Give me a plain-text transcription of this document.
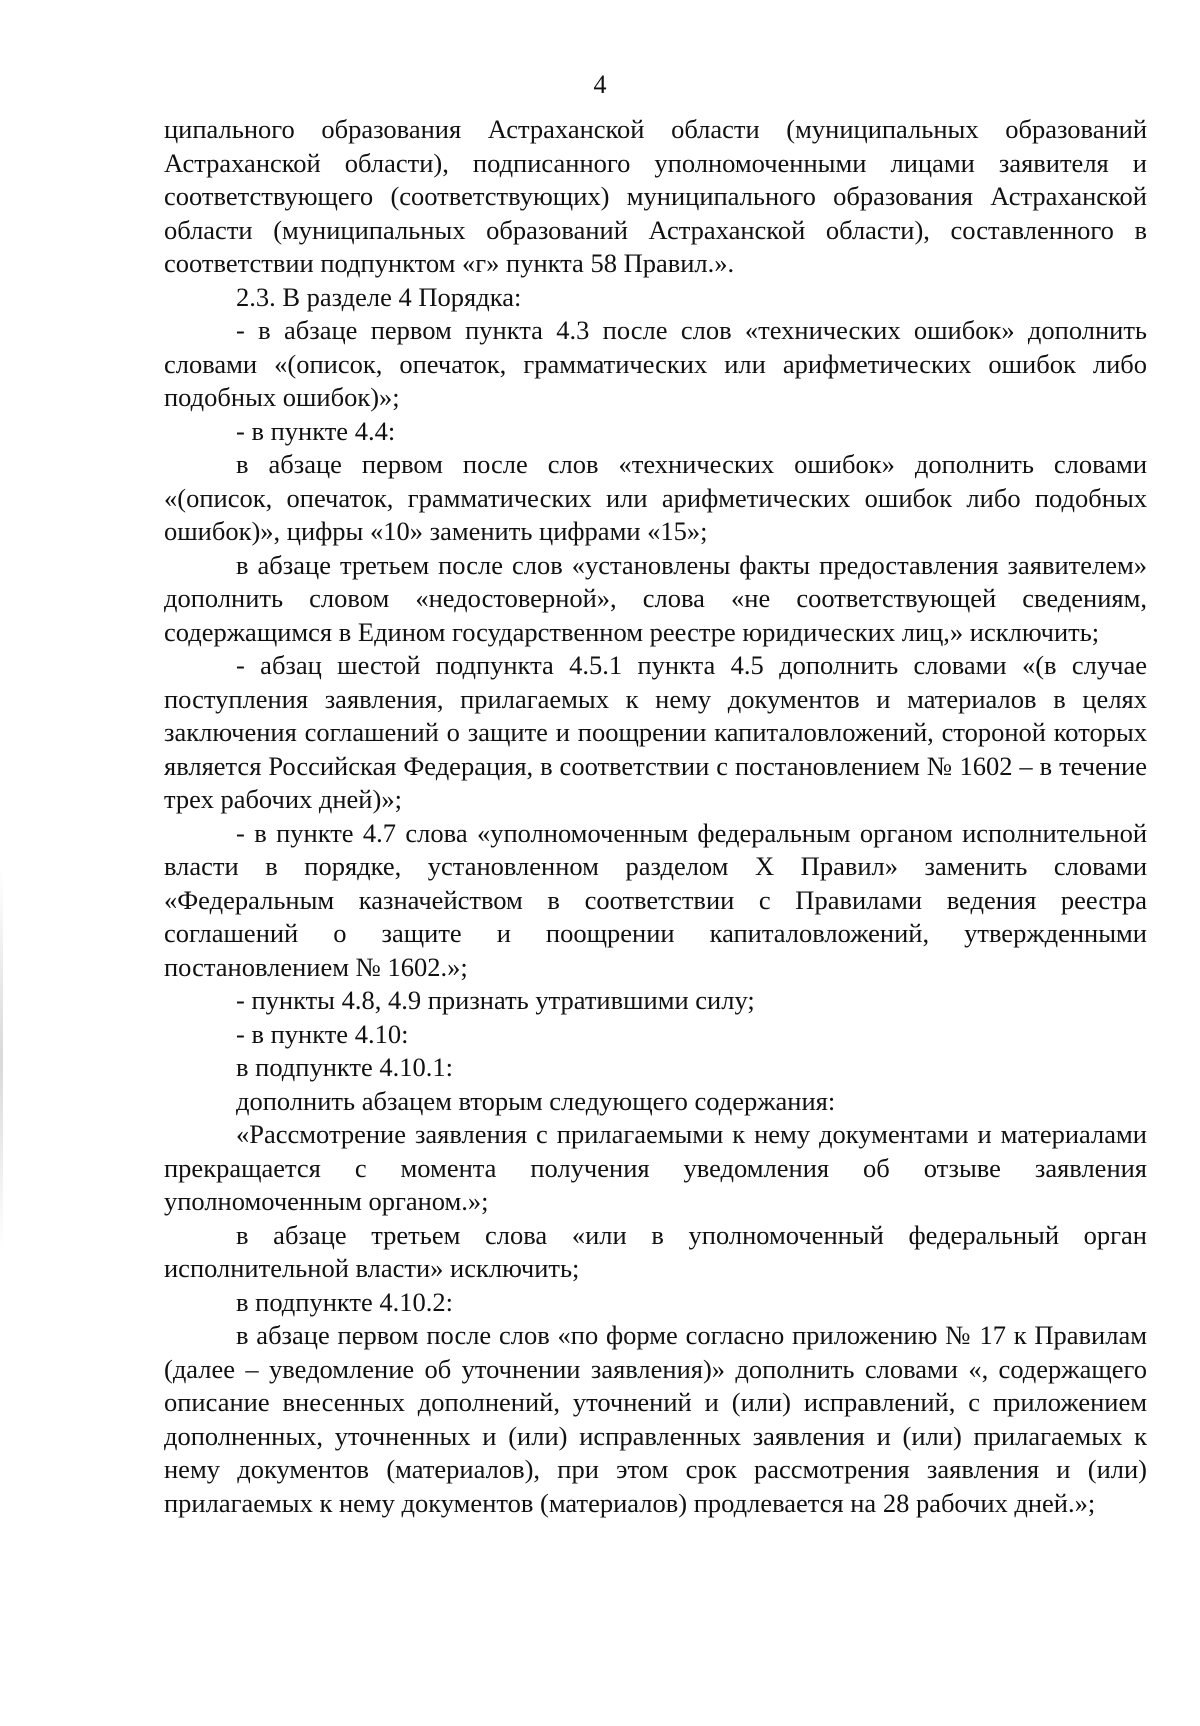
4

ципального образования Астраханской области (муниципальных образований Астраханской области), подписанного уполномоченными лицами заявителя и соответствующего (соответствующих) муниципального образования Астраханской области (муниципальных образований Астраханской области), составленного в соответствии подпунктом «г» пункта 58 Правил.».

2.3. В разделе 4 Порядка:

- в абзаце первом пункта 4.3 после слов «технических ошибок» дополнить словами «(описок, опечаток, грамматических или арифметических ошибок либо подобных ошибок)»;

- в пункте 4.4:

в абзаце первом после слов «технических ошибок» дополнить словами «(описок, опечаток, грамматических или арифметических ошибок либо подобных ошибок)», цифры «10» заменить цифрами «15»;

в абзаце третьем после слов «установлены факты предоставления заявителем» дополнить словом «недостоверной», слова «не соответствующей сведениям, содержащимся в Едином государственном реестре юридических лиц,» исключить;

- абзац шестой подпункта 4.5.1 пункта 4.5 дополнить словами «(в случае поступления заявления, прилагаемых к нему документов и материалов в целях заключения соглашений о защите и поощрении капиталовложений, стороной которых является Российская Федерация, в соответствии с постановлением № 1602 – в течение трех рабочих дней)»;

- в пункте 4.7 слова «уполномоченным федеральным органом исполнительной власти в порядке, установленном разделом X Правил» заменить словами «Федеральным казначейством в соответствии с Правилами ведения реестра соглашений о защите и поощрении капиталовложений, утвержденными постановлением № 1602.»;

- пункты 4.8, 4.9 признать утратившими силу;

- в пункте 4.10:

в подпункте 4.10.1:

дополнить абзацем вторым следующего содержания:

«Рассмотрение заявления с прилагаемыми к нему документами и материалами прекращается с момента получения уведомления об отзыве заявления уполномоченным органом.»;

в абзаце третьем слова «или в уполномоченный федеральный орган исполнительной власти» исключить;

в подпункте 4.10.2:

в абзаце первом после слов «по форме согласно приложению № 17 к Правилам (далее – уведомление об уточнении заявления)» дополнить словами «, содержащего описание внесенных дополнений, уточнений и (или) исправлений, с приложением дополненных, уточненных и (или) исправленных заявления и (или) прилагаемых к нему документов (материалов), при этом срок рассмотрения заявления и (или) прилагаемых к нему документов (материалов) продлевается на 28 рабочих дней.»;
